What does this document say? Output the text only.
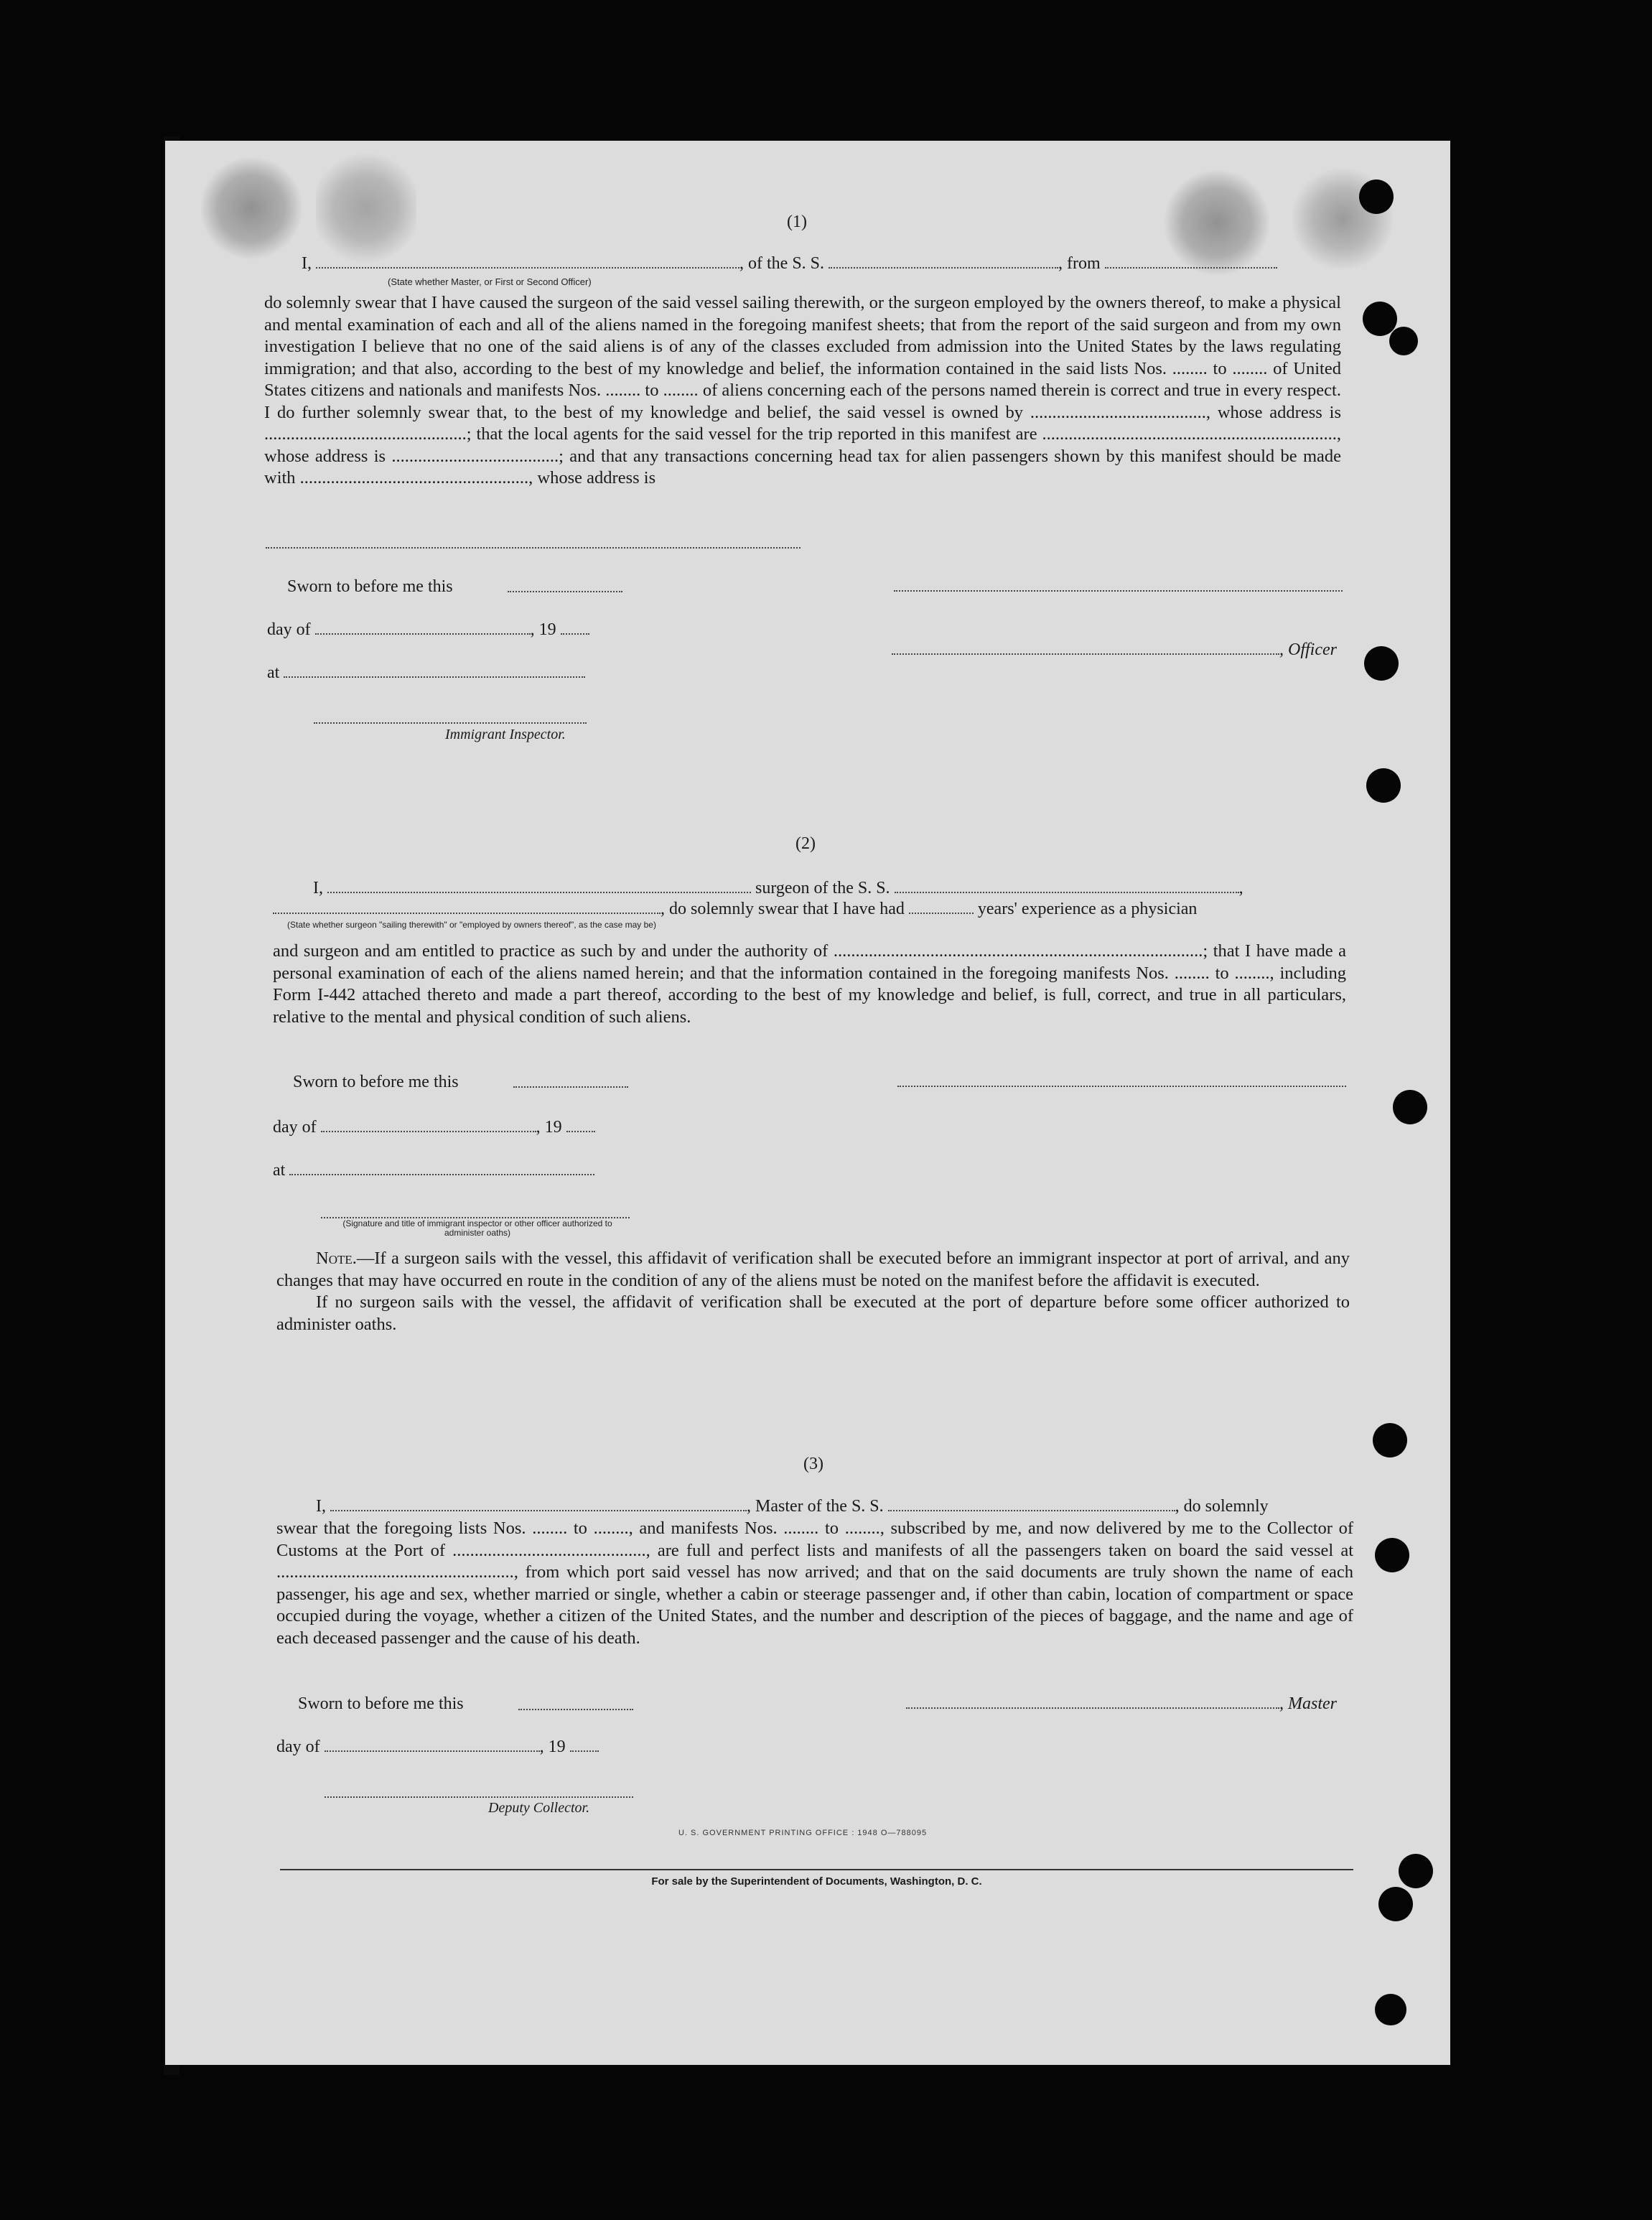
(1)
I,	, of the S. S.	, from
(State whether Master, or First or Second Officer)

do solemnly swear that I have caused the surgeon of the said vessel sailing therewith, or the surgeon employed by the owners thereof, to make a physical and mental examination of each and all of the aliens named in the foregoing manifest sheets; that from the report of the said surgeon and from my own investigation I believe that no one of the said aliens is of any of the classes excluded from admission into the United States by the laws regulating immigration; and that also, according to the best of my knowledge and belief, the information contained in the said lists Nos. ........ to ........ of United States citizens and nationals and manifests Nos. ........ to ........ of aliens concerning each of the persons named therein is correct and true in every respect. I do further solemnly swear that, to the best of my knowledge and belief, the said vessel is owned by ........................................, whose address is ..............................................; that the local agents for the said vessel for the trip reported in this manifest are ..................................................................., whose address is ......................................; and that any transactions concerning head tax for alien passengers shown by this manifest should be made with ...................................................., whose address is

Sworn to before me this
day of	, 19
, Officer
at
Immigrant Inspector.
(2)
I,	surgeon of the S. S.	,
, do solemnly swear that I have had	years' experience as a physician
(State whether surgeon "sailing therewith" or "employed by owners thereof", as the case may be)

and surgeon and am entitled to practice as such by and under the authority of ....................................................................................; that I have made a personal examination of each of the aliens named herein; and that the information contained in the foregoing manifests Nos. ........ to ........, including Form I-442 attached thereto and made a part thereof, according to the best of my knowledge and belief, is full, correct, and true in all particulars, relative to the mental and physical condition of such aliens.

Sworn to before me this
day of	, 19
at
(Signature and title of immigrant inspector or other officer authorized to administer oaths)

Note.—If a surgeon sails with the vessel, this affidavit of verification shall be executed before an immigrant inspector at port of arrival, and any changes that may have occurred en route in the condition of any of the aliens must be noted on the manifest before the affidavit is executed.

If no surgeon sails with the vessel, the affidavit of verification shall be executed at the port of departure before some officer authorized to administer oaths.

(3)
I,	, Master of the S. S.	, do solemnly

swear that the foregoing lists Nos. ........ to ........, and manifests Nos. ........ to ........, subscribed by me, and now delivered by me to the Collector of Customs at the Port of ............................................, are full and perfect lists and manifests of all the passengers taken on board the said vessel at ......................................................, from which port said vessel has now arrived; and that on the said documents are truly shown the name of each passenger, his age and sex, whether married or single, whether a cabin or steerage passenger and, if other than cabin, location of compartment or space occupied during the voyage, whether a citizen of the United States, and the number and description of the pieces of baggage, and the name and age of each deceased passenger and the cause of his death.

Sworn to before me this	, Master
day of	, 19
Deputy Collector.
U. S. GOVERNMENT PRINTING OFFICE : 1948 O—788095
For sale by the Superintendent of Documents, Washington, D. C.
